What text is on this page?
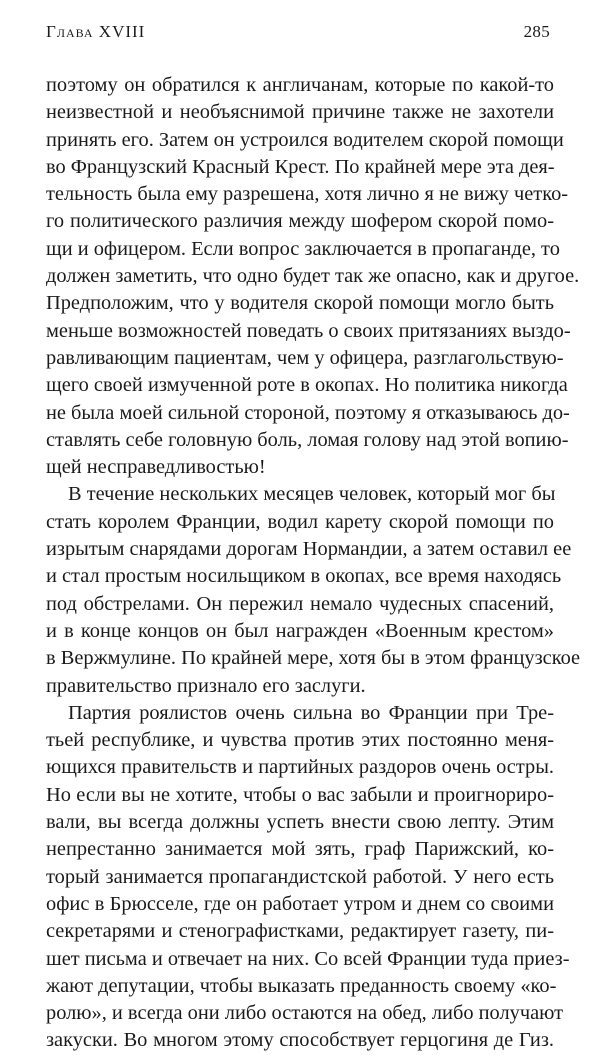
Глава XVIII	285
поэтому он обратился к англичанам, которые по какой-то
неизвестной и необъяснимой причине также не захотели
принять его. Затем он устроился водителем скорой помощи
во Французский Красный Крест. По крайней мере эта дея-
тельность была ему разрешена, хотя лично я не вижу четко-
го политического различия между шофером скорой помо-
щи и офицером. Если вопрос заключается в пропаганде, то
должен заметить, что одно будет так же опасно, как и другое.
Предположим, что у водителя скорой помощи могло быть
меньше возможностей поведать о своих притязаниях выздо-
равливающим пациентам, чем у офицера, разглагольствую-
щего своей измученной роте в окопах. Но политика никогда
не была моей сильной стороной, поэтому я отказываюсь до-
ставлять себе головную боль, ломая голову над этой вопию-
щей несправедливостью!
В течение нескольких месяцев человек, который мог бы
стать королем Франции, водил карету скорой помощи по
изрытым снарядами дорогам Нормандии, а затем оставил ее
и стал простым носильщиком в окопах, все время находясь
под обстрелами. Он пережил немало чудесных спасений,
и в конце концов он был награжден «Военным крестом»
в Вержмулине. По крайней мере, хотя бы в этом французское
правительство признало его заслуги.
Партия роялистов очень сильна во Франции при Тре-
тьей республике, и чувства против этих постоянно меня-
ющихся правительств и партийных раздоров очень остры.
Но если вы не хотите, чтобы о вас забыли и проигнориро-
вали, вы всегда должны успеть внести свою лепту. Этим
непрестанно занимается мой зять, граф Парижский, ко-
торый занимается пропагандистской работой. У него есть
офис в Брюсселе, где он работает утром и днем со своими
секретарями и стенографистками, редактирует газету, пи-
шет письма и отвечает на них. Со всей Франции туда приез-
жают депутации, чтобы выказать преданность своему «ко-
ролю», и всегда они либо остаются на обед, либо получают
закуски. Во многом этому способствует герцогиня де Гиз.
